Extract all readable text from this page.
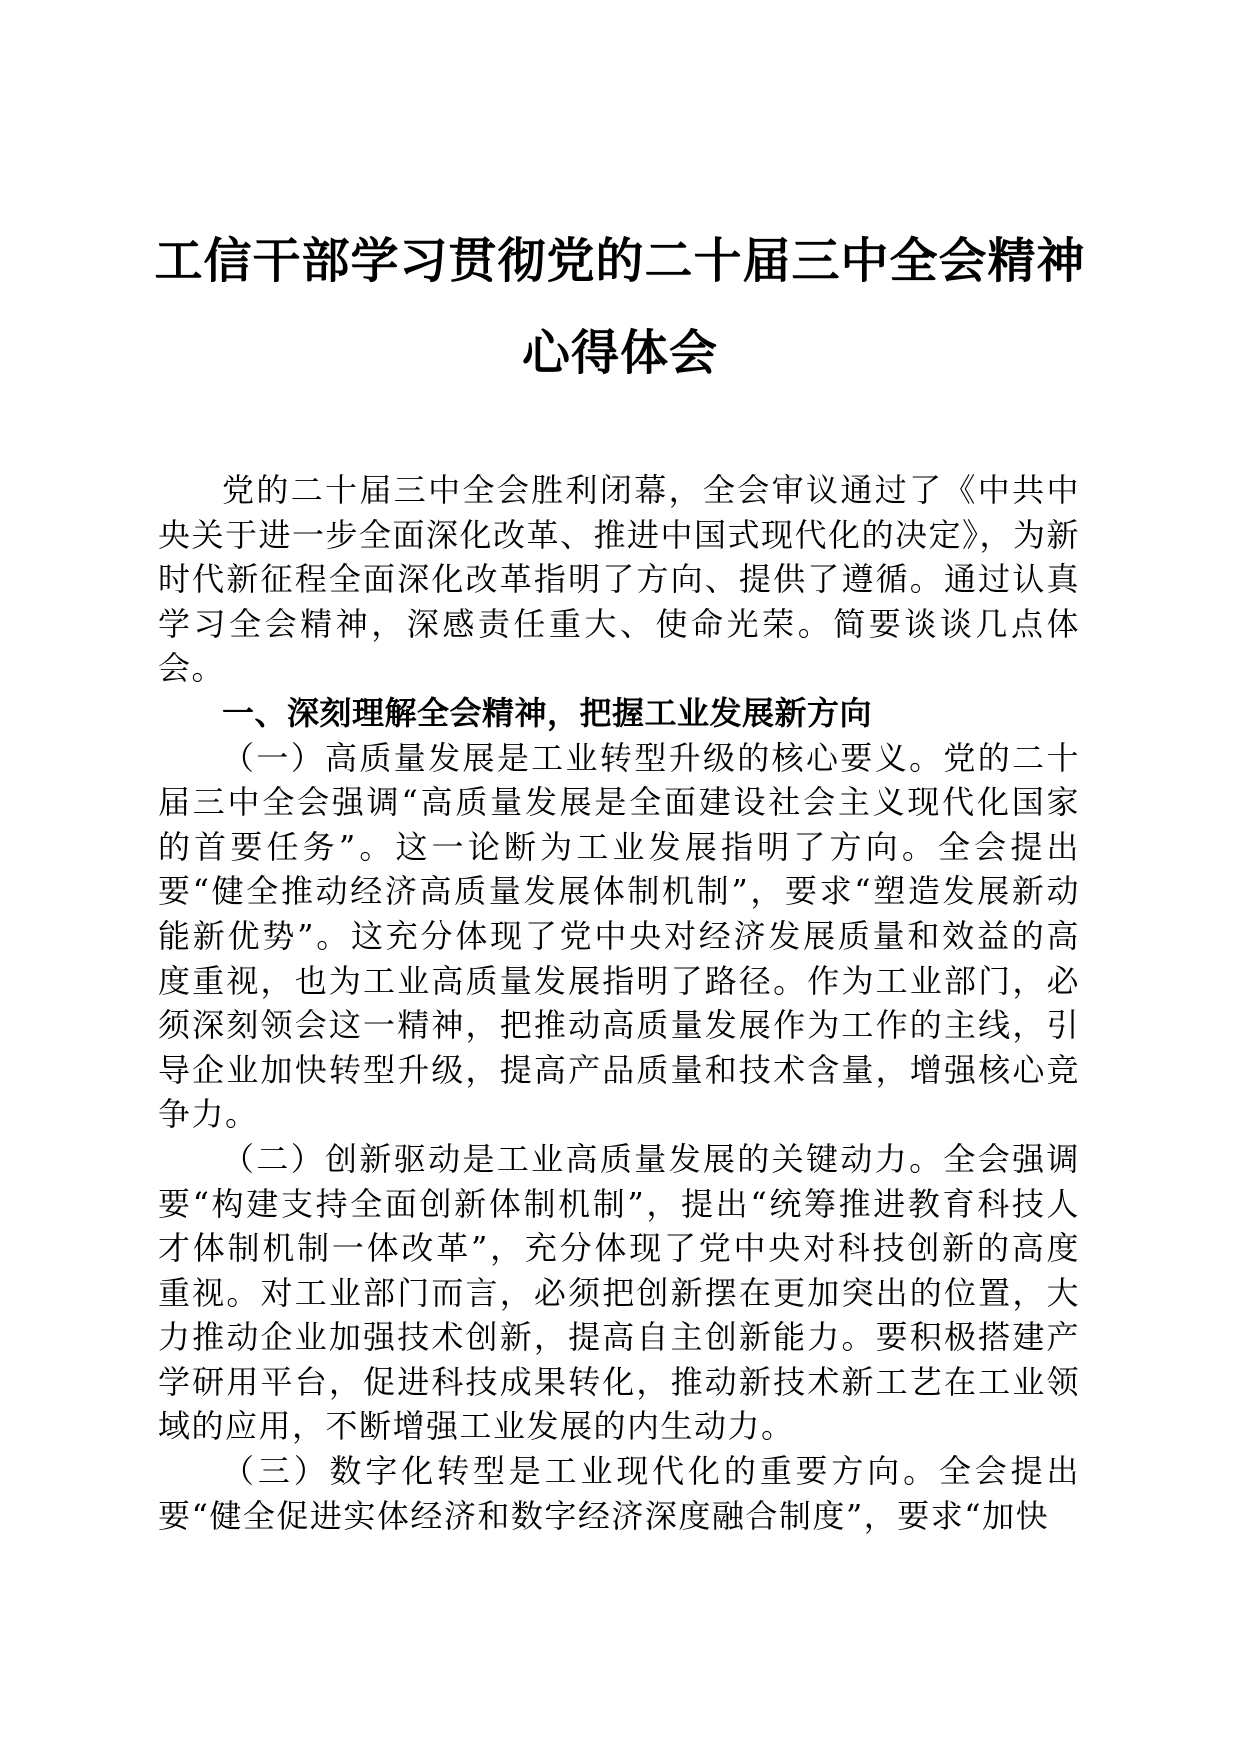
工信干部学习贯彻党的二十届三中全会精神心得体会

党的二十届三中全会胜利闭幕，全会审议通过了《中共中央关于进一步全面深化改革、推进中国式现代化的决定》，为新时代新征程全面深化改革指明了方向、提供了遵循。通过认真学习全会精神，深感责任重大、使命光荣。简要谈谈几点体会。

一、深刻理解全会精神，把握工业发展新方向

（一）高质量发展是工业转型升级的核心要义。党的二十届三中全会强调“高质量发展是全面建设社会主义现代化国家的首要任务”。这一论断为工业发展指明了方向。全会提出要“健全推动经济高质量发展体制机制”，要求“塑造发展新动能新优势”。这充分体现了党中央对经济发展质量和效益的高度重视，也为工业高质量发展指明了路径。作为工业部门，必须深刻领会这一精神，把推动高质量发展作为工作的主线，引导企业加快转型升级，提高产品质量和技术含量，增强核心竞争力。

（二）创新驱动是工业高质量发展的关键动力。全会强调要“构建支持全面创新体制机制”，提出“统筹推进教育科技人才体制机制一体改革”，充分体现了党中央对科技创新的高度重视。对工业部门而言，必须把创新摆在更加突出的位置，大力推动企业加强技术创新，提高自主创新能力。要积极搭建产学研用平台，促进科技成果转化，推动新技术新工艺在工业领域的应用，不断增强工业发展的内生动力。

（三）数字化转型是工业现代化的重要方向。全会提出要“健全促进实体经济和数字经济深度融合制度”，要求“加快
